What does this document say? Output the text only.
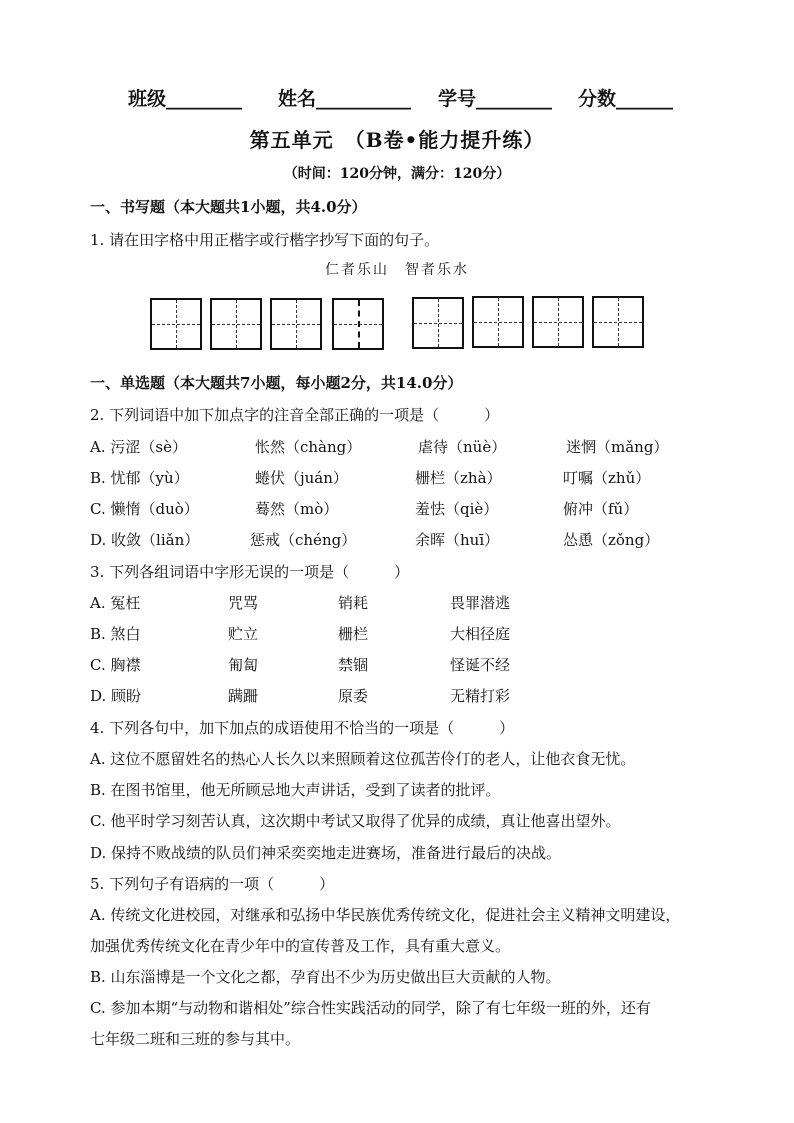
班级________ 姓名__________ 学号________ 分数______
第五单元　（B卷•能力提升练）
（时间：120分钟，满分：120分）
一、书写题（本大题共1小题，共4.0分）
1. 请在田字格中用正楷字或行楷字抄写下面的句子。
仁者乐山　智者乐水
一、单选题（本大题共7小题，每小题2分，共14.0分）
2. 下列词语中加下加点字的注音全部正确的一项是（　　　）
A. 污涩（sè）	怅然（chàng）	虐待（nüè）	迷惘（mǎng）
B. 忧郁（yù）	蜷伏（juán）	栅栏（zhà）	叮嘱（zhǔ）
C. 懒惰（duò）	蓦然（mò）	羞怯（qiè）	俯冲（fǔ）
D. 收敛（liǎn）	惩戒（chéng）	余晖（huī）	怂恿（zǒng）
3. 下列各组词语中字形无误的一项是（　　　）
A. 冤枉	咒骂	销耗	畏罪潜逃
B. 煞白	贮立	栅栏	大相径庭
C. 胸襟	匍匐	禁锢	怪诞不经
D. 顾盼	蹒跚	原委	无精打彩
4. 下列各句中，加下加点的成语使用不恰当的一项是（　　　）
A. 这位不愿留姓名的热心人长久以来照顾着这位孤苦伶仃的老人，让他衣食无忧。
B. 在图书馆里，他无所顾忌地大声讲话，受到了读者的批评。
C. 他平时学习刻苦认真，这次期中考试又取得了优异的成绩，真让他喜出望外。
D. 保持不败战绩的队员们神采奕奕地走进赛场，准备进行最后的决战。
5. 下列句子有语病的一项（　　　）
A. 传统文化进校园，对继承和弘扬中华民族优秀传统文化，促进社会主义精神文明建设，
加强优秀传统文化在青少年中的宣传普及工作，具有重大意义。
B. 山东淄博是一个文化之都，孕育出不少为历史做出巨大贡献的人物。
C. 参加本期“与动物和谐相处”综合性实践活动的同学，除了有七年级一班的外，还有
七年级二班和三班的参与其中。
